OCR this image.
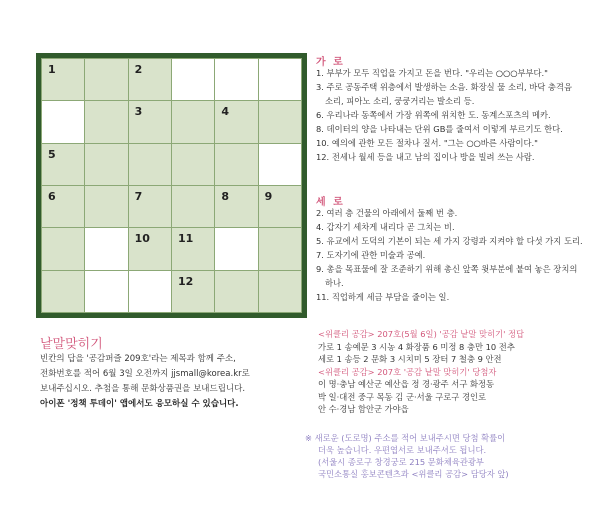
1	2
3	4
5
6	7	8	9
10	11
12
가 로
1. 부부가 모두 직업을 가지고 돈을 번다. "우리는 ○○○부부다."
3. 주로 공동주택 위층에서 발생하는 소음. 화장실 물 소리, 바닥 충격음
소리, 피아노 소리, 쿵쿵거리는 발소리 등.
6. 우리나라 동쪽에서 가장 위쪽에 위치한 도. 동계스포츠의 메카.
8. 데이터의 양을 나타내는 단위 GB를 줄여서 이렇게 부르기도 한다.
10. 예의에 관한 모든 절차나 질서. "그는 ○○바른 사람이다."
12. 전세나 월세 등을 내고 남의 집이나 방을 빌려 쓰는 사람.
세 로
2. 여러 층 건물의 아래에서 둘째 번 층.
4. 갑자기 세차게 내리다 곧 그치는 비.
5. 유교에서 도덕의 기본이 되는 세 가지 강령과 지켜야 할 다섯 가지 도리.
7. 도자기에 관한 미술과 공예.
9. 총을 목표물에 잘 조준하기 위해 총신 앞쪽 윗부분에 붙여 놓은 장치의
하나.
11. 직업하게 세금 부담을 줄이는 일.
낱말맞히기
빈칸의 답을 '공감퍼즐 209호'라는 제목과 함께 주소,
전화번호를 적어 6월 3일 오전까지 jjsmall@korea.kr로
보내주십시오. 추첨을 통해 문화상품권을 보내드립니다.
아이폰 '정책 투데이' 앱에서도 응모하실 수 있습니다.
<위클리 공감> 207호(5월 6일) '공감 낱말 맞히기' 정답
가로 1 송예문 3 시농 4 화장품 6 미정 8 충만 10 전추
세로 1 송등 2 문화 3 시치미 5 장터 7 철충 9 안전
<위클리 공감> 207호 '공감 낱말 맞히기' 당첨자
이 명·충남 예산군 예산읍 정 경·광주 서구 화정동
박 일·대전 중구 목동 김 군·서울 구로구 경인로
안 수·경남 함안군 가야읍
※ 새로운 (도로명) 주소를 적어 보내주시면 당첨 확률이
더욱 높습니다. 우편엽서로 보내주셔도 됩니다.
(서울시 종로구 창경궁로 215 문화체육관광부
국민소통실 홍보콘텐츠과 <위클리 공감> 담당자 앞)
